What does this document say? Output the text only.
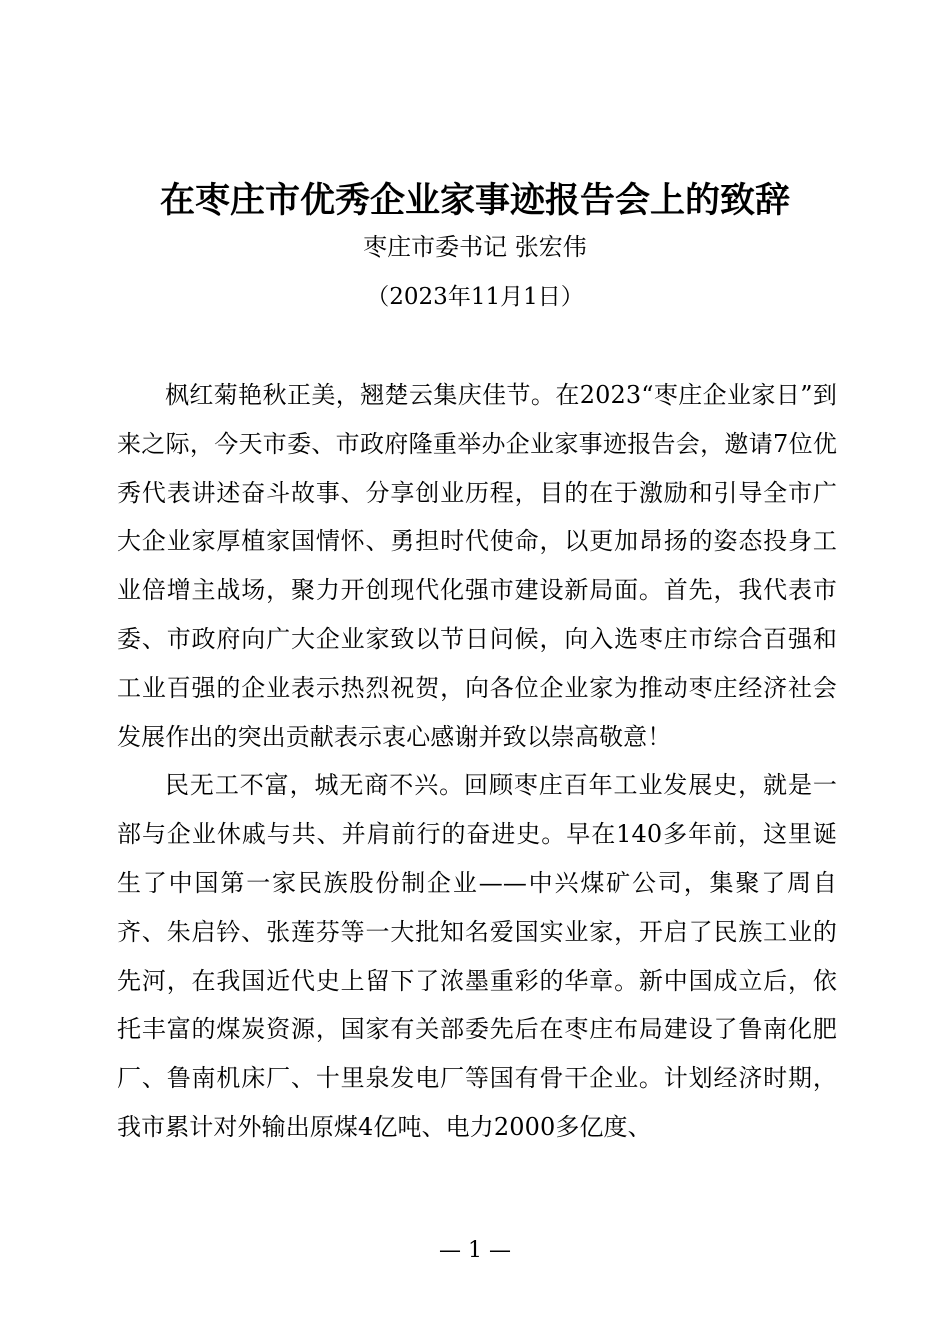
在枣庄市优秀企业家事迹报告会上的致辞
枣庄市委书记 张宏伟
（2023年11月1日）

枫红菊艳秋正美，翘楚云集庆佳节。在2023“枣庄企业家日”到来之际，今天市委、市政府隆重举办企业家事迹报告会，邀请7位优秀代表讲述奋斗故事、分享创业历程，目的在于激励和引导全市广大企业家厚植家国情怀、勇担时代使命，以更加昂扬的姿态投身工业倍增主战场，聚力开创现代化强市建设新局面。首先，我代表市委、市政府向广大企业家致以节日问候，向入选枣庄市综合百强和工业百强的企业表示热烈祝贺，向各位企业家为推动枣庄经济社会发展作出的突出贡献表示衷心感谢并致以崇高敬意！

民无工不富，城无商不兴。回顾枣庄百年工业发展史，就是一部与企业休戚与共、并肩前行的奋进史。早在140多年前，这里诞生了中国第一家民族股份制企业——中兴煤矿公司，集聚了周自齐、朱启钤、张莲芬等一大批知名爱国实业家，开启了民族工业的先河，在我国近代史上留下了浓墨重彩的华章。新中国成立后，依托丰富的煤炭资源，国家有关部委先后在枣庄布局建设了鲁南化肥厂、鲁南机床厂、十里泉发电厂等国有骨干企业。计划经济时期，我市累计对外输出原煤4亿吨、电力2000多亿度、

— 1 —
